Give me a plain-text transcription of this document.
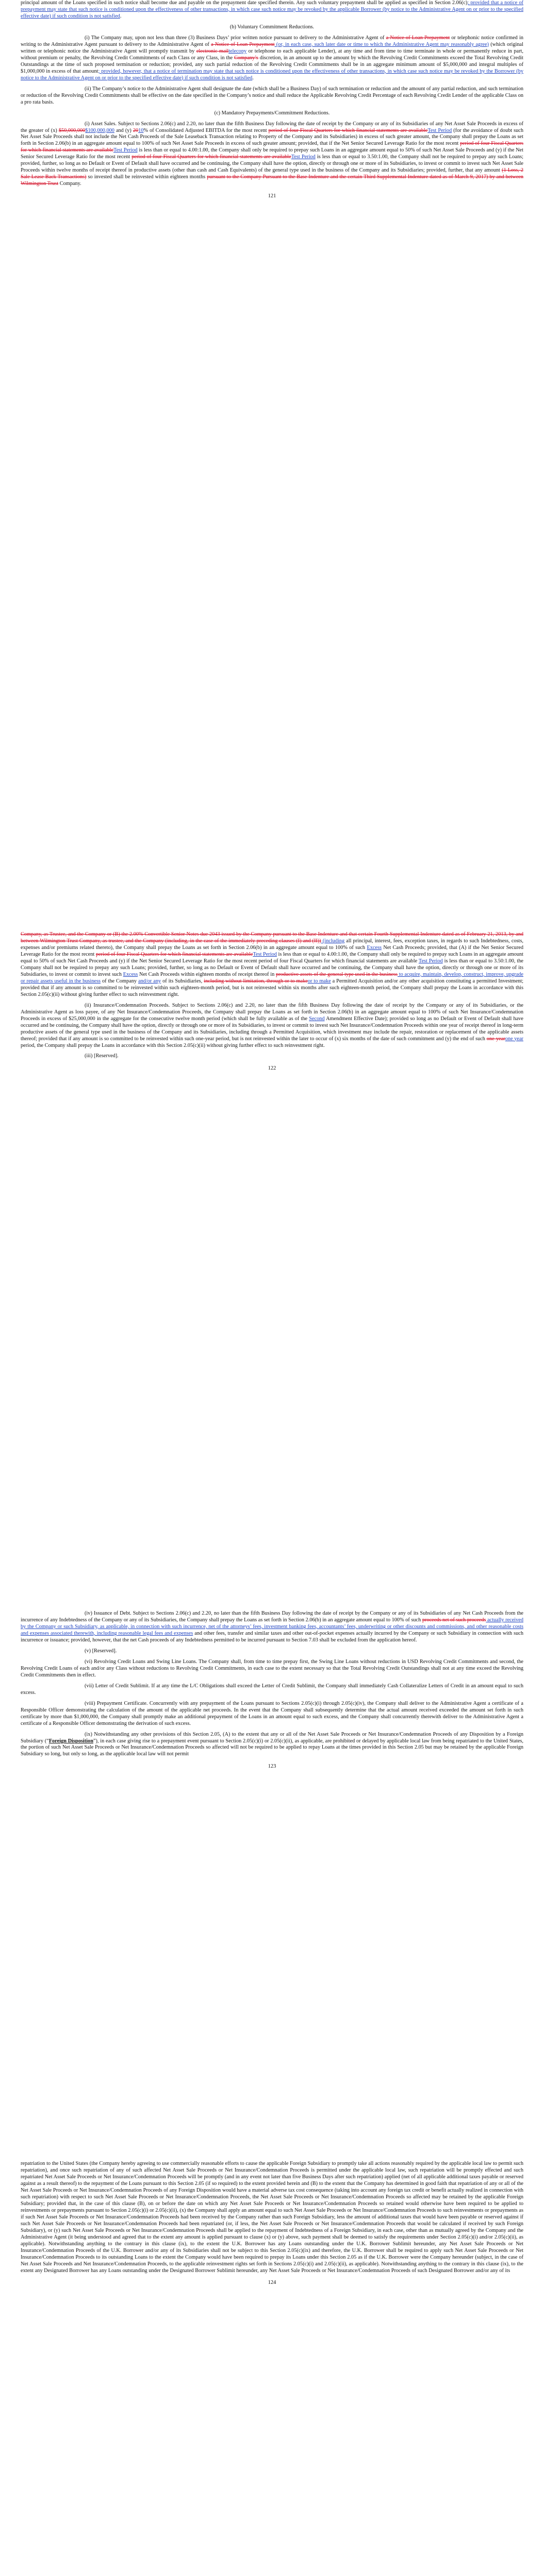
principal amount of the Loans specified in such notice shall become due and payable on the prepayment date specified therein. Any such voluntary prepayment shall be applied as specified in Section 2.06(c); provided that a notice of prepayment may state that such notice is conditioned upon the effectiveness of other transactions, in which case such notice may be revoked by the applicable Borrower (by notice to the Administrative Agent on or prior to the specified effective date) if such condition is not satisfied.

(b) Voluntary Commitment Reductions.

(i) The Company may, upon not less than three (3) Business Days’ prior written notice pursuant to delivery to the Administrative Agent of a Notice of Loan Prepayment or telephonic notice confirmed in writing to the Administrative Agent pursuant to delivery to the Administrative Agent of a Notice of Loan Prepayment (or, in each case, such later date or time to which the Administrative Agent may reasonably agree) (which original written or telephonic notice the Administrative Agent will promptly transmit by electronic mailtelecopy or telephone to each applicable Lender), at any time and from time to time terminate in whole or permanently reduce in part, without premium or penalty, the Revolving Credit Commitments of each Class or any Class, in the Company’s discretion, in an amount up to the amount by which the Revolving Credit Commitments exceed the Total Revolving Credit Outstandings at the time of such proposed termination or reduction; provided, any such partial reduction of the Revolving Credit Commitments shall be in an aggregate minimum amount of $5,000,000 and integral multiples of $1,000,000 in excess of that amount; provided, however, that a notice of termination may state that such notice is conditioned upon the effectiveness of other transactions, in which case such notice may be revoked by the Borrower (by notice to the Administrative Agent on or prior to the specified effective date) if such condition is not satisfied.

(ii) The Company’s notice to the Administrative Agent shall designate the date (which shall be a Business Day) of such termination or reduction and the amount of any partial reduction, and such termination or reduction of the Revolving Credit Commitments shall be effective on the date specified in the Company’s notice and shall reduce the Applicable Revolving Credit Percentage of each Revolving Credit Lender of the applicable Class on a pro rata basis.

(c) Mandatory Prepayments/Commitment Reductions.

(i) Asset Sales. Subject to Sections 2.06(c) and 2.20, no later than the fifth Business Day following the date of receipt by the Company or any of its Subsidiaries of any Net Asset Sale Proceeds in excess of the greater of (x) $50,000,000$100,000,000 and (y) 2010% of Consolidated Adjusted EBITDA for the most recent period of four Fiscal Quarters for which financial statements are availableTest Period (for the avoidance of doubt such Net Asset Sale Proceeds shall not include the Net Cash Proceeds of the Sale Leaseback Transaction relating to Property of the Company and its Subsidiaries) in excess of such greater amount, the Company shall prepay the Loans as set forth in Section 2.06(b) in an aggregate amount equal to 100% of such Net Asset Sale Proceeds in excess of such greater amount; provided, that if the Net Senior Secured Leverage Ratio for the most recent period of four Fiscal Quarters for which financial statements are availableTest Period is less than or equal to 4.00:1.00, the Company shall only be required to prepay such Loans in an aggregate amount equal to 50% of such Net Asset Sale Proceeds and (y) if the Net Senior Secured Leverage Ratio for the most recent period of four Fiscal Quarters for which financial statements are availableTest Period is less than or equal to 3.50:1.00, the Company shall not be required to prepay any such Loans; provided, further, so long as no Default or Event of Default shall have occurred and be continuing, the Company shall have the option, directly or through one or more of its Subsidiaries, to invest or commit to invest such Net Asset Sale Proceeds within twelve months of receipt thereof in productive assets (other than cash and Cash Equivalents) of the general type used in the business of the Company and its Subsidiaries; provided, further, that any amount (1 Loss, 2 Sale Lease Back Transactions) so invested shall be reinvested within eighteen months pursuant to the Company Pursuant to the Base Indenture and the certain Third Supplemental Indenture dated as of March 9, 2017) by and between Wilmington Trust Company.

121

Company, as Trustee, and the Company or (B) the 2.00% Convertible Senior Notes due 2043 issued by the Company pursuant to the Base Indenture and that certain Fourth Supplemental Indenture dated as of February 21, 2013, by and between Wilmington Trust Company, as trustee, and the Company (including, in the case of the immediately preceding clauses (I) and (II)) (including all principal, interest, fees, exception taxes, in regards to such Indebtedness, costs, expenses and/or premiums related thereto), the Company shall prepay the Loans as set forth in Section 2.06(b) in an aggregate amount equal to 100% of such Excess Net Cash Proceeds; provided, that (A) if the Net Senior Secured Leverage Ratio for the most recent period of four Fiscal Quarters for which financial statements are availableTest Period is less than or equal to 4.00:1.00, the Company shall only be required to prepay such Loans in an aggregate amount equal to 50% of such Net Cash Proceeds and (y) if the Net Senior Secured Leverage Ratio for the most recent period of four Fiscal Quarters for which financial statements are available Test Period is less than or equal to 3.50:1.00, the Company shall not be required to prepay any such Loans; provided, further, so long as no Default or Event of Default shall have occurred and be continuing, the Company shall have the option, directly or through one or more of its Subsidiaries, to invest or commit to invest such Excess Net Cash Proceeds within eighteen months of receipt thereof in productive assets of the general type used in the business to acquire, maintain, develop, construct, improve, upgrade or repair assets useful in the business of the Company and/or any of its Subsidiaries, including without limitation, through or to makeor to make a Permitted Acquisition and/or any other acquisition constituting a permitted Investment; provided that if any amount is so committed to be reinvested within such eighteen-month period, but is not reinvested within six months after such eighteen-month period, the Company shall prepay the Loans in accordance with this Section 2.05(c)(ii) without giving further effect to such reinvestment right.

(ii) Insurance/Condemnation Proceeds. Subject to Sections 2.06(c) and 2.20, no later than the fifth Business Day following the date of receipt by the Company or any of its Subsidiaries, or the Administrative Agent as loss payee, of any Net Insurance/Condemnation Proceeds, the Company shall prepay the Loans as set forth in Section 2.06(b) in an aggregate amount equal to 100% of such Net Insurance/Condemnation Proceeds in excess of $25,000,000 in the aggregate for the consecutive twelve month period (which shall be fully available as of the Second Amendment Effective Date); provided so long as no Default or Event of Default shall have occurred and be continuing, the Company shall have the option, directly or through one or more of its Subsidiaries, to invest or commit to invest such Net Insurance/Condemnation Proceeds within one year of receipt thereof in long-term productive assets of the general type used in the business of the Company and its Subsidiaries, including through a Permitted Acquisition, which investment may include the repair, restoration or replacement of the applicable assets thereof; provided that if any amount is so committed to be reinvested within such one-year period, but is not reinvested within the later to occur of (x) six months of the date of such commitment and (y) the end of such one-yearone year period, the Company shall prepay the Loans in accordance with this Section 2.05(c)(ii) without giving further effect to such reinvestment right.

(iii) [Reserved].

122

(iv) Issuance of Debt. Subject to Sections 2.06(c) and 2.20, no later than the fifth Business Day following the date of receipt by the Company or any of its Subsidiaries of any Net Cash Proceeds from the incurrence of any Indebtedness of the Company or any of its Subsidiaries, the Company shall prepay the Loans as set forth in Section 2.06(b) in an aggregate amount equal to 100% of such proceeds net of such proceeds actually received by the Company or such Subsidiary, as applicable, in connection with such incurrence, net of the attorneys’ fees, investment banking fees, accountants’ fees, underwriting or other discounts and commissions, and other reasonable costs and expenses associated therewith, including reasonable legal fees and expenses and other fees, transfer and similar taxes and other out-of-pocket expenses actually incurred by the Company or such Subsidiary in connection with such incurrence or issuance; provided, however, that the net Cash proceeds of any Indebtedness permitted to be incurred pursuant to Section 7.03 shall be excluded from the application hereof.

(v) [Reserved].

(vi) Revolving Credit Loans and Swing Line Loans. The Company shall, from time to time prepay first, the Swing Line Loans without reductions in USD Revolving Credit Commitments and second, the Revolving Credit Loans of each and/or any Class without reductions to Revolving Credit Commitments, in each case to the extent necessary so that the Total Revolving Credit Outstandings shall not at any time exceed the Revolving Credit Commitments then in effect.

(vii) Letter of Credit Sublimit. If at any time the L/C Obligations shall exceed the Letter of Credit Sublimit, the Company shall immediately Cash Collateralize Letters of Credit in an amount equal to such excess.

(viii) Prepayment Certificate. Concurrently with any prepayment of the Loans pursuant to Sections 2.05(c)(i) through 2.05(c)(iv), the Company shall deliver to the Administrative Agent a certificate of a Responsible Officer demonstrating the calculation of the amount of the applicable net proceeds. In the event that the Company shall subsequently determine that the actual amount received exceeded the amount set forth in such certificate by more than $1,000,000, the Company shall promptly make an additional prepayment of the Loans in an amount equal to such excess, and the Company shall concurrently therewith deliver to the Administrative Agent a certificate of a Responsible Officer demonstrating the derivation of such excess.

(ix) Notwithstanding any other provisions of this Section 2.05, (A) to the extent that any or all of the Net Asset Sale Proceeds or Net Insurance/Condemnation Proceeds of any Disposition by a Foreign Subsidiary (“Foreign Disposition”), in each case giving rise to a prepayment event pursuant to Section 2.05(c)(i) or 2.05(c)(ii), as applicable, are prohibited or delayed by applicable local law from being repatriated to the United States, the portion of such Net Asset Sale Proceeds or Net Insurance/Condemnation Proceeds so affected will not be required to be applied to repay Loans at the times provided in this Section 2.05 but may be retained by the applicable Foreign Subsidiary so long, but only so long, as the applicable local law will not permit

123

repatriation to the United States (the Company hereby agreeing to use commercially reasonable efforts to cause the applicable Foreign Subsidiary to promptly take all actions reasonably required by the applicable local law to permit such repatriation), and once such repatriation of any of such affected Net Asset Sale Proceeds or Net Insurance/Condemnation Proceeds is permitted under the applicable local law, such repatriation will be promptly effected and such repatriated Net Asset Sale Proceeds or Net Insurance/Condemnation Proceeds will be promptly (and in any event not later than five Business Days after such repatriation) applied (net of all applicable additional taxes payable or reserved against as a result thereof) to the repayment of the Loans pursuant to this Section 2.05 (if so required) to the extent provided herein and (B) to the extent that the Company has determined in good faith that repatriation of any or all of the Net Asset Sale Proceeds or Net Insurance/Condemnation Proceeds of any Foreign Disposition would have a material adverse tax cost consequence (taking into account any foreign tax credit or benefit actually realized in connection with such repatriation) with respect to such Net Asset Sale Proceeds or Net Insurance/Condemnation Proceeds, the Net Asset Sale Proceeds or Net Insurance/Condemnation Proceeds so affected may be retained by the applicable Foreign Subsidiary; provided that, in the case of this clause (B), on or before the date on which any Net Asset Sale Proceeds or Net Insurance/Condemnation Proceeds so retained would otherwise have been required to be applied to reinvestments or prepayments pursuant to Section 2.05(c)(i) or 2.05(c)(ii), (x) the Company shall apply an amount equal to such Net Asset Sale Proceeds or Net Insurance/Condemnation Proceeds to such reinvestments or prepayments as if such Net Asset Sale Proceeds or Net Insurance/Condemnation Proceeds had been received by the Company rather than such Foreign Subsidiary, less the amount of additional taxes that would have been payable or reserved against if such Net Asset Sale Proceeds or Net Insurance/Condemnation Proceeds had been repatriated (or, if less, the Net Asset Sale Proceeds or Net Insurance/Condemnation Proceeds that would be calculated if received by such Foreign Subsidiary), or (y) such Net Asset Sale Proceeds or Net Insurance/Condemnation Proceeds shall be applied to the repayment of Indebtedness of a Foreign Subsidiary, in each case, other than as mutually agreed by the Company and the Administrative Agent (it being understood and agreed that to the extent any amount is applied pursuant to clause (x) or (y) above, such payment shall be deemed to satisfy the requirements under Section 2.05(c)(i) and/or 2.05(c)(ii), as applicable). Notwithstanding anything to the contrary in this clause (ix), to the extent the U.K. Borrower has any Loans outstanding under the U.K. Borrower Sublimit hereunder, any Net Asset Sale Proceeds or Net Insurance/Condemnation Proceeds of the U.K. Borrower and/or any of its Subsidiaries shall not be subject to this Section 2.05(c)(ix) and therefore, the U.K. Borrower shall be required to apply such Net Asset Sale Proceeds or Net Insurance/Condemnation Proceeds to its outstanding Loans to the extent the Company would have been required to prepay its Loans under this Section 2.05 as if the U.K. Borrower were the Company hereunder (subject, in the case of Net Asset Sale Proceeds and Net Insurance/Condemnation Proceeds, to the applicable reinvestment rights set forth in Sections 2.05(c)(i) and 2.05(c)(ii), as applicable). Notwithstanding anything to the contrary in this clause (ix), to the extent any Designated Borrower has any Loans outstanding under the Designated Borrower Sublimit hereunder, any Net Asset Sale Proceeds or Net Insurance/Condemnation Proceeds of such Designated Borrower and/or any of its

124
